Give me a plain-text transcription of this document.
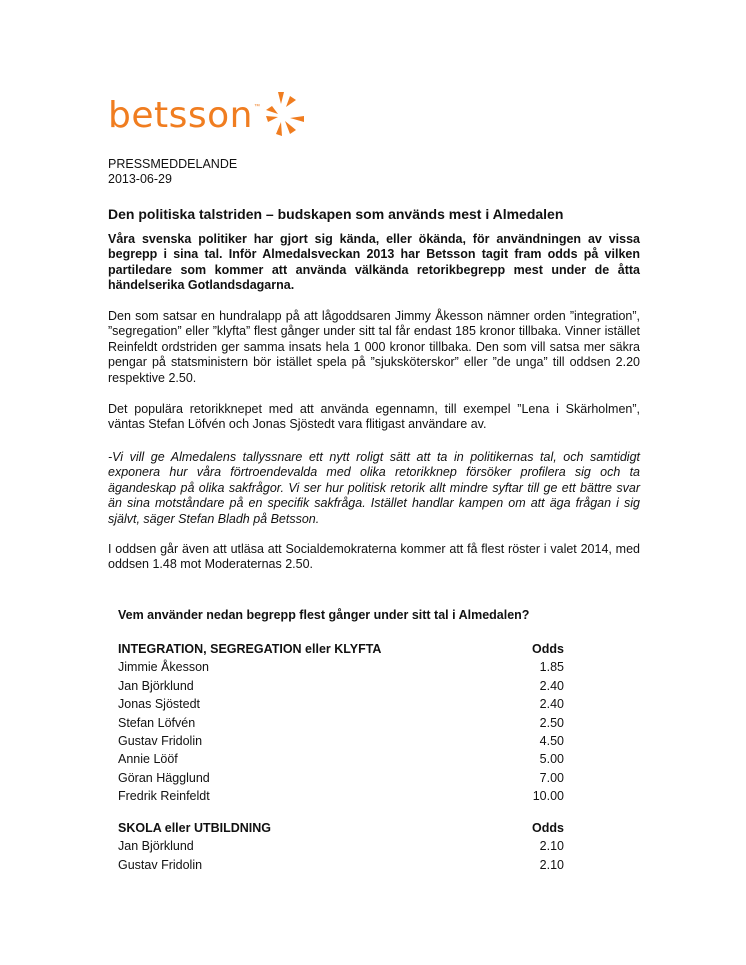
betsson ™
PRESSMEDDELANDE
2013-06-29
Den politiska talstriden – budskapen som används mest i Almedalen
Våra svenska politiker har gjort sig kända, eller ökända, för användningen av vissa begrepp i sina tal. Inför Almedalsveckan 2013 har Betsson tagit fram odds på vilken partiledare som kommer att använda välkända retorikbegrepp mest under de åtta händelserika Gotlandsdagarna.

Den som satsar en hundralapp på att lågoddsaren Jimmy Åkesson nämner orden ”integration”, ”segregation” eller ”klyfta” flest gånger under sitt tal får endast 185 kronor tillbaka. Vinner istället Reinfeldt ordstriden ger samma insats hela 1 000 kronor tillbaka. Den som vill satsa mer säkra pengar på statsministern bör istället spela på ”sjuksköterskor” eller ”de unga” till oddsen 2.20 respektive 2.50.

Det populära retorikknepet med att använda egennamn, till exempel ”Lena i Skärholmen”, väntas Stefan Löfvén och Jonas Sjöstedt vara flitigast användare av.

-Vi vill ge Almedalens tallyssnare ett nytt roligt sätt att ta in politikernas tal, och samtidigt exponera hur våra förtroendevalda med olika retorikknep försöker profilera sig och ta ägandeskap på olika sakfrågor. Vi ser hur politisk retorik allt mindre syftar till ge ett bättre svar än sina motståndare på en specifik sakfråga. Istället handlar kampen om att äga frågan i sig självt, säger Stefan Bladh på Betsson.

I oddsen går även att utläsa att Socialdemokraterna kommer att få flest röster i valet 2014, med oddsen 1.48 mot Moderaternas 2.50.

Vem använder nedan begrepp flest gånger under sitt tal i Almedalen?
INTEGRATION, SEGREGATION eller KLYFTA	Odds
Jimmie Åkesson	1.85
Jan Björklund	2.40
Jonas Sjöstedt	2.40
Stefan Löfvén	2.50
Gustav Fridolin	4.50
Annie Lööf	5.00
Göran Hägglund	7.00
Fredrik Reinfeldt	10.00
SKOLA eller UTBILDNING	Odds
Jan Björklund	2.10
Gustav Fridolin	2.10
